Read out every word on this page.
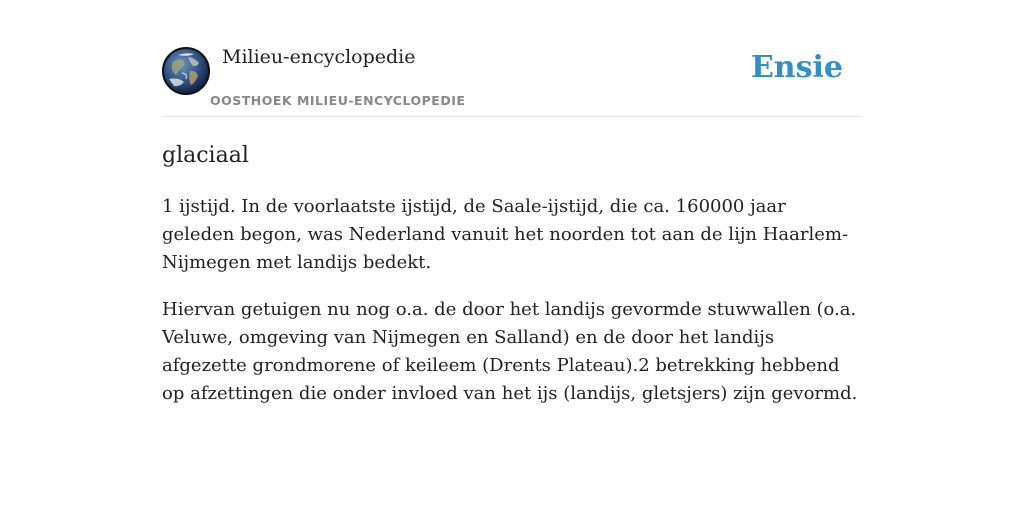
Milieu-encyclopedie
OOSTHOEK MILIEU-ENCYCLOPEDIE
Ensie
glaciaal

1 ijstijd. In de voorlaatste ijstijd, de Saale-ijstijd, die ca. 160000 jaar geleden begon, was Nederland vanuit het noorden tot aan de lijn Haarlem-Nijmegen met landijs bedekt.

Hiervan getuigen nu nog o.a. de door het landijs gevormde stuwwallen (o.a. Veluwe, omgeving van Nijmegen en Salland) en de door het landijs afgezette grondmorene of keileem (Drents Plateau).2 betrekking hebbend op afzettingen die onder invloed van het ijs (landijs, gletsjers) zijn gevormd.
